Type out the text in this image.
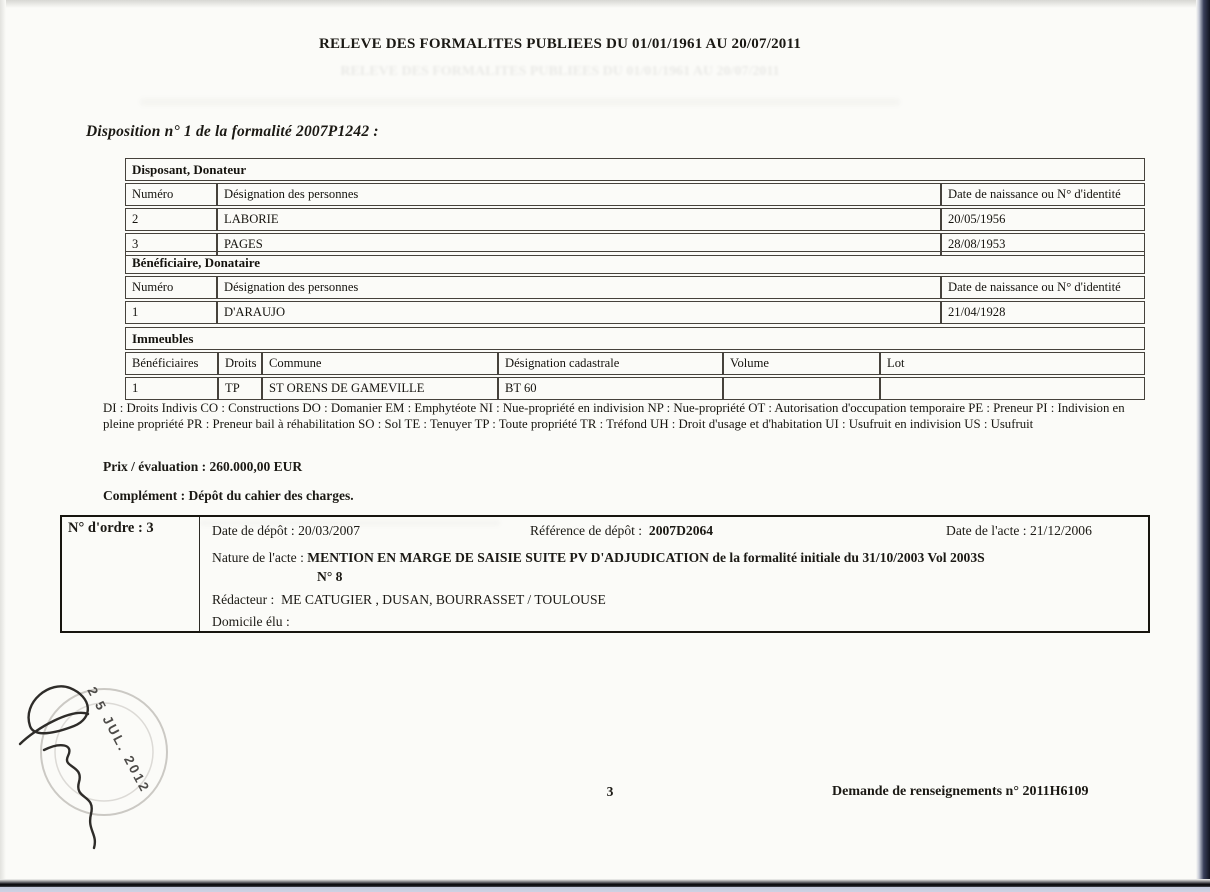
RELEVE DES FORMALITES PUBLIEES DU 01/01/1961 AU 20/07/2011
RELEVE DES FORMALITES PUBLIEES DU 01/01/1961 AU 20/07/2011
Disposition n° 1 de la formalité 2007P1242 :
Disposant, Donateur		
Numéro	Désignation des personnes	Date de naissance ou N° d'identité
2	LABORIE	20/05/1956
3	PAGES	28/08/1953
Bénéficiaire, Donataire		
Numéro	Désignation des personnes	Date de naissance ou N° d'identité
1	D'ARAUJO	21/04/1928
Immeubles					
Bénéficiaires	Droits	Commune	Désignation cadastrale	Volume	Lot
1	TP	ST ORENS DE GAMEVILLE	BT 60		
DI : Droits Indivis CO : Constructions DO : Domanier EM : Emphytéote NI : Nue-propriété en indivision NP : Nue-propriété OT : Autorisation d'occupation temporaire PE : Preneur PI : Indivision en pleine propriété PR : Preneur bail à réhabilitation SO : Sol TE : Tenuyer TP : Toute propriété TR : Tréfond UH : Droit d'usage et d'habitation UI : Usufruit en indivision US : Usufruit
Prix / évaluation : 260.000,00 EUR
Complément : Dépôt du cahier des charges.
N° d'ordre : 3	Date de dépôt : 20/03/2007	Référence de dépôt : 2007D2064	Date de l'acte : 21/12/2006
Nature de l'acte : MENTION EN MARGE DE SAISIE SUITE PV D'ADJUDICATION de la formalité initiale du 31/10/2003 Vol 2003S
N° 8
Rédacteur : ME CATUGIER , DUSAN, BOURRASSET / TOULOUSE
Domicile élu :
2 5 JUL. 2012	3	Demande de renseignements n° 2011H6109
